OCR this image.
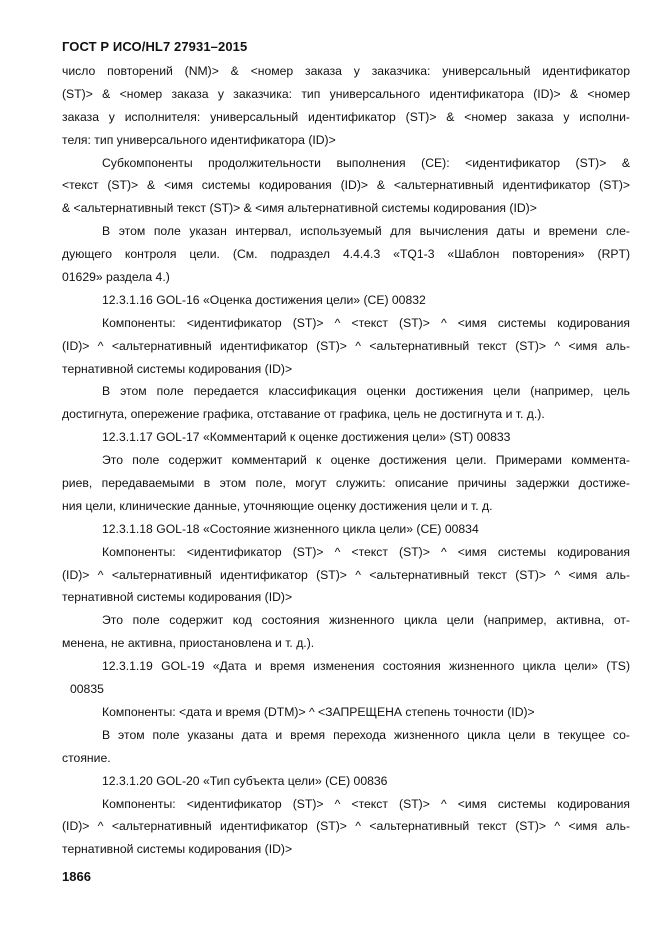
ГОСТ Р ИСО/HL7 27931–2015
число повторений (NM)> & <номер заказа у заказчика: универсальный идентификатор
(ST)> & <номер заказа у заказчика: тип универсального идентификатора (ID)> & <номер
заказа у исполнителя: универсальный идентификатор (ST)> & <номер заказа у исполни-
теля: тип универсального идентификатора (ID)>
Субкомпоненты продолжительности выполнения (CE): <идентификатор (ST)> &
<текст (ST)> & <имя системы кодирования (ID)> & <альтернативный идентификатор (ST)>
& <альтернативный текст (ST)> & <имя альтернативной системы кодирования (ID)>
В этом поле указан интервал, используемый для вычисления даты и времени сле-
дующего контроля цели. (См. подраздел 4.4.4.3 «TQ1-3 «Шаблон повторения» (RPT)
01629» раздела 4.)
12.3.1.16 GOL-16 «Оценка достижения цели» (CE) 00832
Компоненты: <идентификатор (ST)> ^ <текст (ST)> ^ <имя системы кодирования
(ID)> ^ <альтернативный идентификатор (ST)> ^ <альтернативный текст (ST)> ^ <имя аль-
тернативной системы кодирования (ID)>
В этом поле передается классификация оценки достижения цели (например, цель
достигнута, опережение графика, отставание от графика, цель не достигнута и т. д.).
12.3.1.17 GOL-17 «Комментарий к оценке достижения цели» (ST) 00833
Это поле содержит комментарий к оценке достижения цели. Примерами коммента-
риев, передаваемыми в этом поле, могут служить: описание причины задержки достиже-
ния цели, клинические данные, уточняющие оценку достижения цели и т. д.
12.3.1.18 GOL-18 «Состояние жизненного цикла цели» (CE) 00834
Компоненты: <идентификатор (ST)> ^ <текст (ST)> ^ <имя системы кодирования
(ID)> ^ <альтернативный идентификатор (ST)> ^ <альтернативный текст (ST)> ^ <имя аль-
тернативной системы кодирования (ID)>
Это поле содержит код состояния жизненного цикла цели (например, активна, от-
менена, не активна, приостановлена и т. д.).
12.3.1.19 GOL-19 «Дата и время изменения состояния жизненного цикла цели» (TS)
00835
Компоненты: <дата и время (DTM)> ^ <ЗАПРЕЩЕНА степень точности (ID)>
В этом поле указаны дата и время перехода жизненного цикла цели в текущее со-
стояние.
12.3.1.20 GOL-20 «Тип субъекта цели» (CE) 00836
Компоненты: <идентификатор (ST)> ^ <текст (ST)> ^ <имя системы кодирования
(ID)> ^ <альтернативный идентификатор (ST)> ^ <альтернативный текст (ST)> ^ <имя аль-
тернативной системы кодирования (ID)>
1866
